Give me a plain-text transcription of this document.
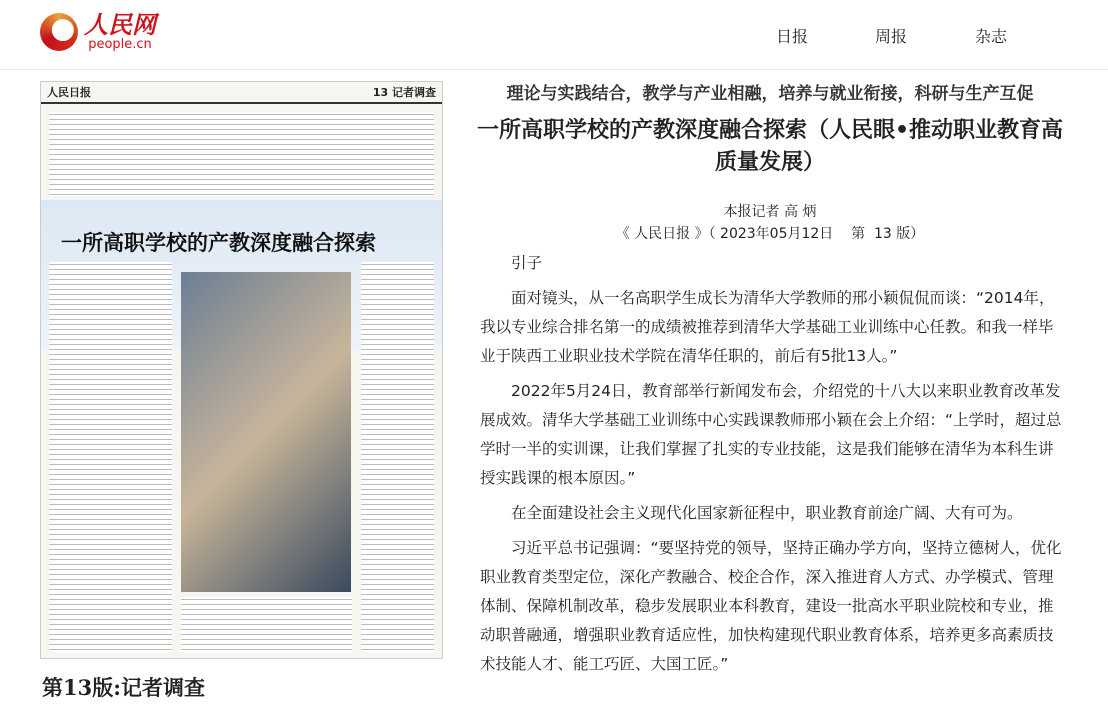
人民网
people.cn	日报	周报	杂志
人民日报	13 记者调查
一所高职学校的产教深度融合探索
第13版:记者调查
理论与实践结合，教学与产业相融，培养与就业衔接，科研与生产互促
一所高职学校的产教深度融合探索（人民眼•推动职业教育高质量发展）
本报记者 高 炳
《 人民日报 》（ 2023年05月12日    第  13 版）

引子

面对镜头，从一名高职学生成长为清华大学教师的邢小颖侃侃而谈：“2014年，我以专业综合排名第一的成绩被推荐到清华大学基础工业训练中心任教。和我一样毕业于陕西工业职业技术学院在清华任职的，前后有5批13人。”

2022年5月24日，教育部举行新闻发布会，介绍党的十八大以来职业教育改革发展成效。清华大学基础工业训练中心实践课教师邢小颖在会上介绍：“上学时，超过总学时一半的实训课，让我们掌握了扎实的专业技能，这是我们能够在清华为本科生讲授实践课的根本原因。”

在全面建设社会主义现代化国家新征程中，职业教育前途广阔、大有可为。

习近平总书记强调：“要坚持党的领导，坚持正确办学方向，坚持立德树人，优化职业教育类型定位，深化产教融合、校企合作，深入推进育人方式、办学模式、管理体制、保障机制改革，稳步发展职业本科教育，建设一批高水平职业院校和专业，推动职普融通，增强职业教育适应性，加快构建现代职业教育体系，培养更多高素质技术技能人才、能工巧匠、大国工匠。”
